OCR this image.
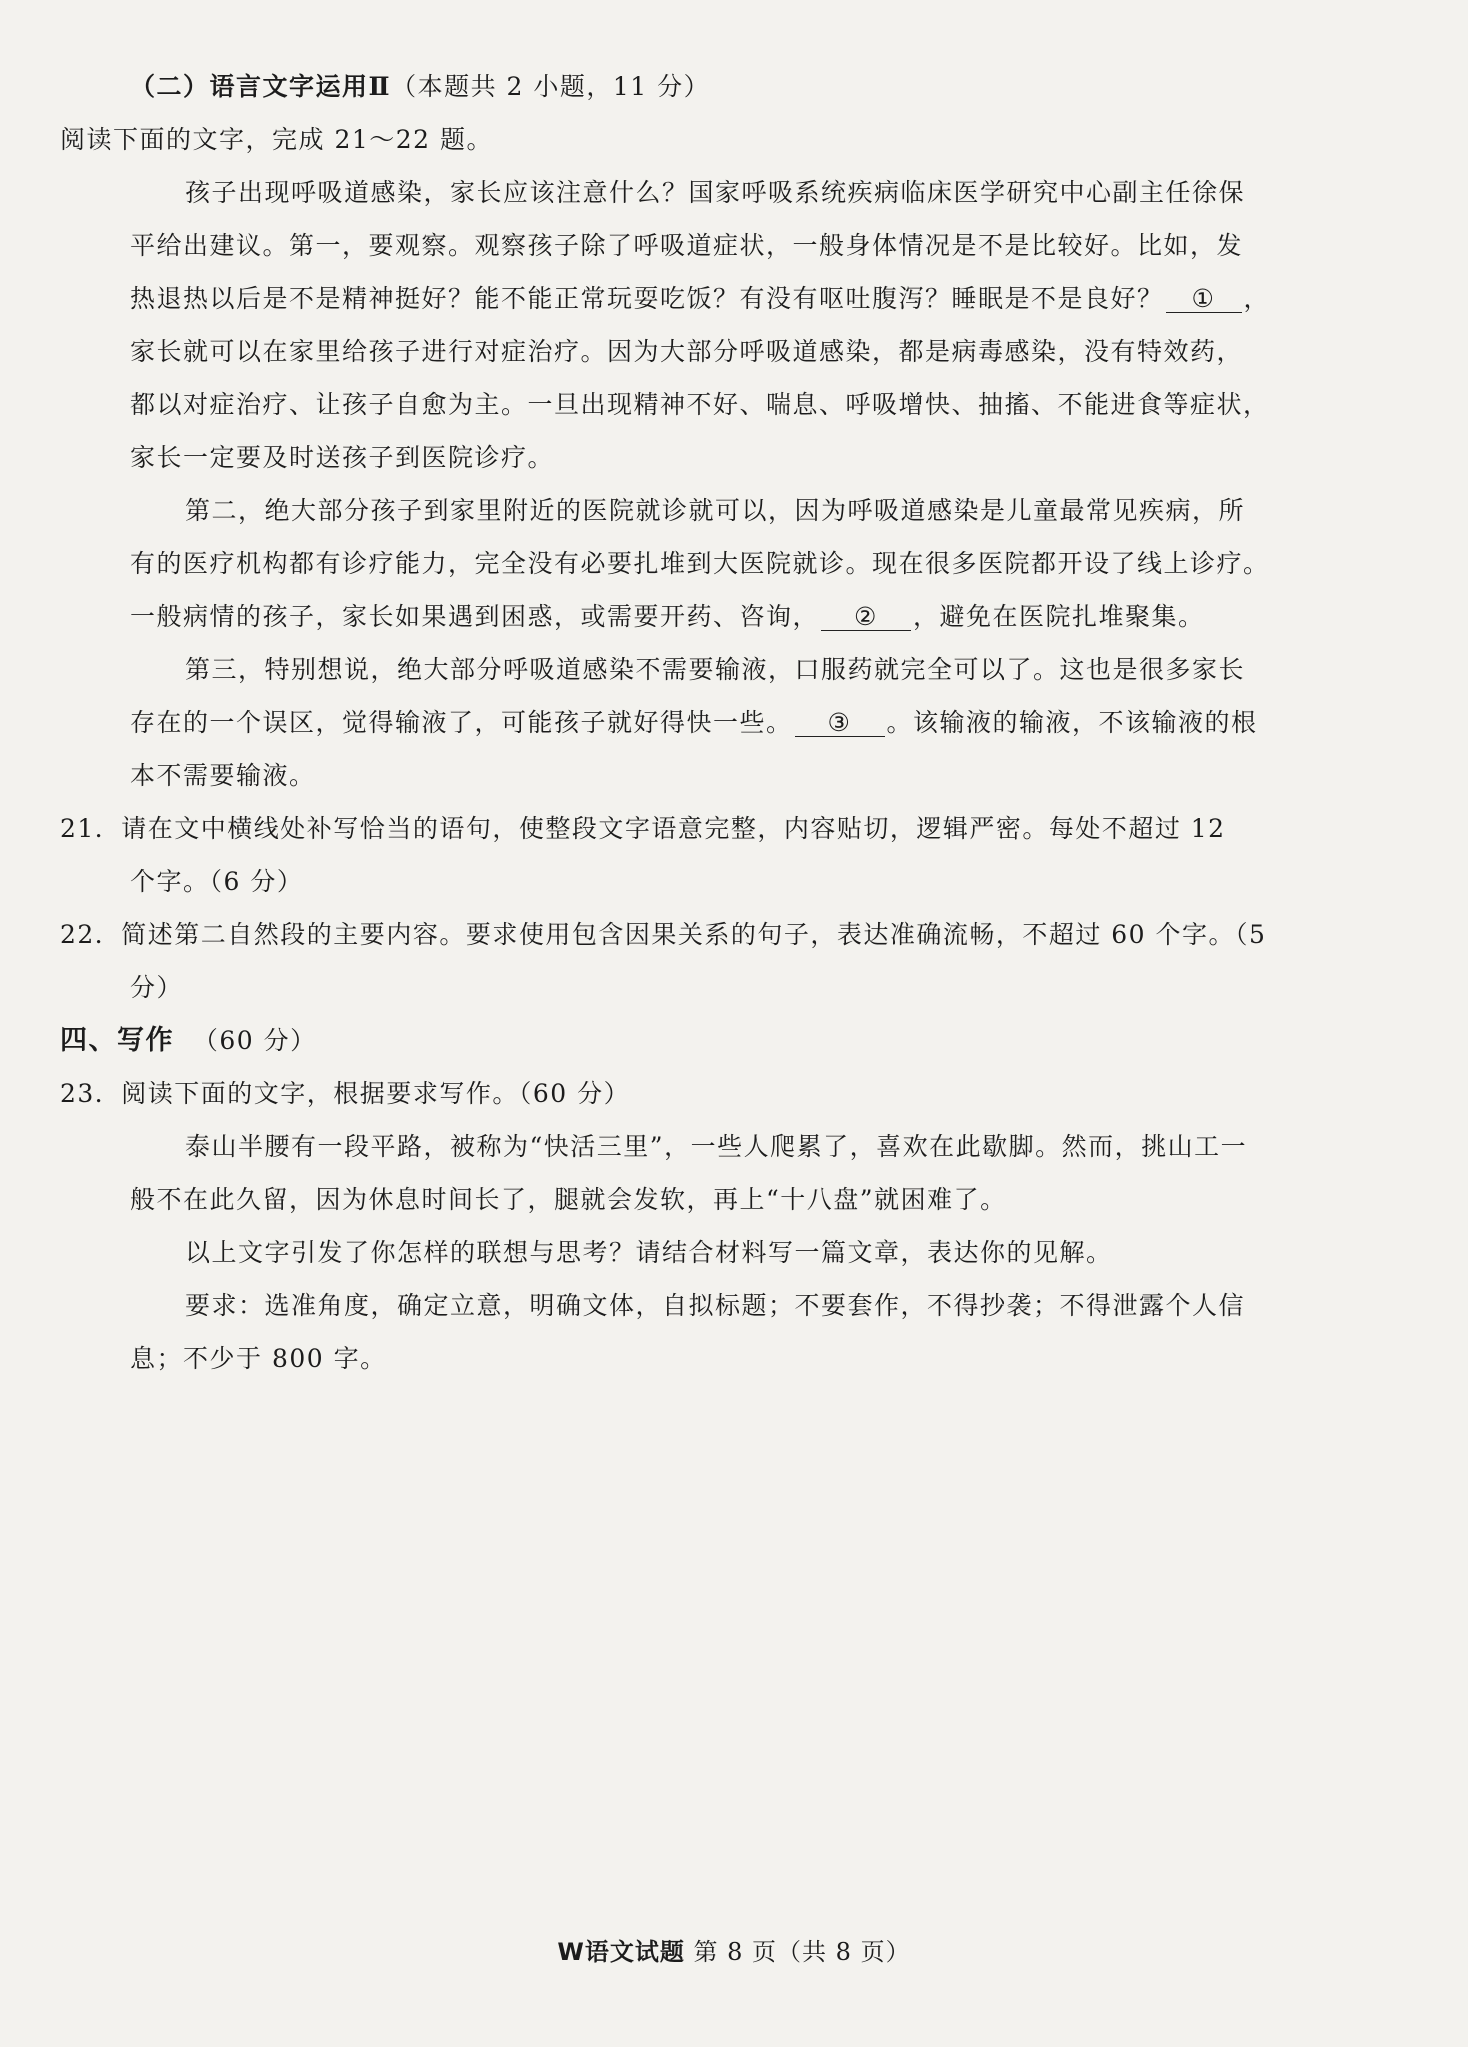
（二）语言文字运用Ⅱ（本题共 2 小题，11 分）
阅读下面的文字，完成 21～22 题。
孩子出现呼吸道感染，家长应该注意什么？国家呼吸系统疾病临床医学研究中心副主任徐保
平给出建议。第一，要观察。观察孩子除了呼吸道症状，一般身体情况是不是比较好。比如，发
热退热以后是不是精神挺好？能不能正常玩耍吃饭？有没有呕吐腹泻？睡眠是不是良好？ ① ，
家长就可以在家里给孩子进行对症治疗。因为大部分呼吸道感染，都是病毒感染，没有特效药，
都以对症治疗、让孩子自愈为主。一旦出现精神不好、喘息、呼吸增快、抽搐、不能进食等症状，
家长一定要及时送孩子到医院诊疗。
第二，绝大部分孩子到家里附近的医院就诊就可以，因为呼吸道感染是儿童最常见疾病，所
有的医疗机构都有诊疗能力，完全没有必要扎堆到大医院就诊。现在很多医院都开设了线上诊疗。
一般病情的孩子，家长如果遇到困惑，或需要开药、咨询， ② ，避免在医院扎堆聚集。
第三，特别想说，绝大部分呼吸道感染不需要输液，口服药就完全可以了。这也是很多家长
存在的一个误区，觉得输液了，可能孩子就好得快一些。 ③ 。该输液的输液，不该输液的根
本不需要输液。
21．请在文中横线处补写恰当的语句，使整段文字语意完整，内容贴切，逻辑严密。每处不超过 12
个字。（6 分）
22．简述第二自然段的主要内容。要求使用包含因果关系的句子，表达准确流畅，不超过 60 个字。（5
分）
四、写作 （60 分）
23．阅读下面的文字，根据要求写作。（60 分）
泰山半腰有一段平路，被称为“快活三里”，一些人爬累了，喜欢在此歇脚。然而，挑山工一
般不在此久留，因为休息时间长了，腿就会发软，再上“十八盘”就困难了。
以上文字引发了你怎样的联想与思考？请结合材料写一篇文章，表达你的见解。
要求：选准角度，确定立意，明确文体，自拟标题；不要套作，不得抄袭；不得泄露个人信
息；不少于 800 字。
W语文试题 第 8 页（共 8 页）
